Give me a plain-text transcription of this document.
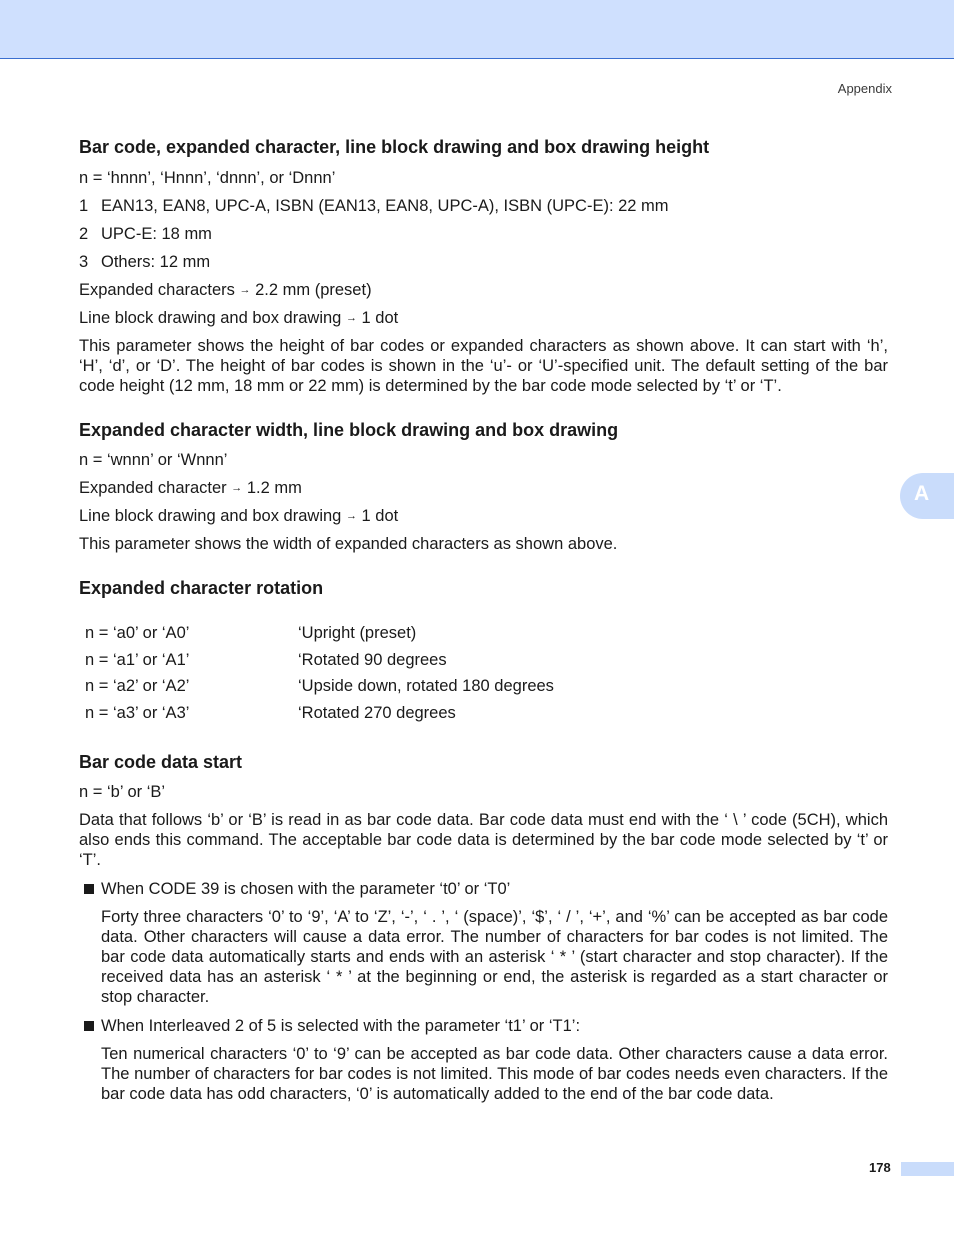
Appendix
A
Bar code, expanded character, line block drawing and box drawing height
n = ‘hnnn’, ‘Hnnn’, ‘dnnn’, or ‘Dnnn’
1 EAN13, EAN8, UPC-A, ISBN (EAN13, EAN8, UPC-A), ISBN (UPC-E): 22 mm
2 UPC-E: 18 mm
3 Others: 12 mm
Expanded characters → 2.2 mm (preset)
Line block drawing and box drawing → 1 dot
This parameter shows the height of bar codes or expanded characters as shown above. It can start with ‘h’, ‘H’, ‘d’, or ‘D’. The height of bar codes is shown in the ‘u’- or ‘U’-specified unit. The default setting of the bar code height (12 mm, 18 mm or 22 mm) is determined by the bar code mode selected by ‘t’ or ‘T’.
Expanded character width, line block drawing and box drawing
n = ‘wnnn’ or ‘Wnnn’
Expanded character → 1.2 mm
Line block drawing and box drawing → 1 dot
This parameter shows the width of expanded characters as shown above.
Expanded character rotation
n = ‘a0’ or ‘A0’	‘Upright (preset)
n = ‘a1’ or ‘A1’	‘Rotated 90 degrees
n = ‘a2’ or ‘A2’	‘Upside down, rotated 180 degrees
n = ‘a3’ or ‘A3’	‘Rotated 270 degrees
Bar code data start
n = ‘b’ or ‘B’
Data that follows ‘b’ or ‘B’ is read in as bar code data. Bar code data must end with the ‘ \ ’ code (5CH), which also ends this command. The acceptable bar code data is determined by the bar code mode selected by ‘t’ or ‘T’.
When CODE 39 is chosen with the parameter ‘t0’ or ‘T0’
Forty three characters ‘0’ to ‘9’, ‘A’ to ‘Z’, ‘-’, ‘ . ’, ‘ (space)’, ‘$’, ‘ / ’, ‘+’, and ‘%’ can be accepted as bar code data. Other characters will cause a data error. The number of characters for bar codes is not limited. The bar code data automatically starts and ends with an asterisk ‘ * ’ (start character and stop character). If the received data has an asterisk ‘ * ’ at the beginning or end, the asterisk is regarded as a start character or stop character.
When Interleaved 2 of 5 is selected with the parameter ‘t1’ or ‘T1’:
Ten numerical characters ‘0’ to ‘9’ can be accepted as bar code data. Other characters cause a data error. The number of characters for bar codes is not limited. This mode of bar codes needs even characters. If the bar code data has odd characters, ‘0’ is automatically added to the end of the bar code data.
178
